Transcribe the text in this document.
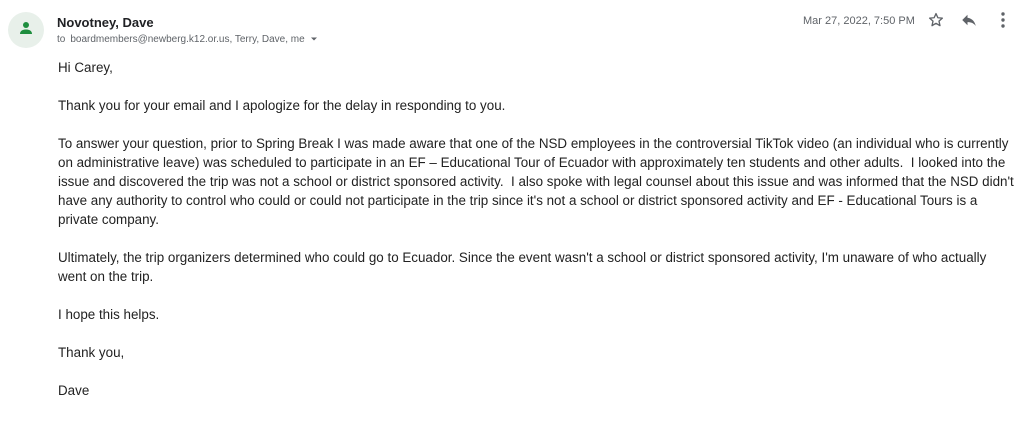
Novotney, Dave
to boardmembers@newberg.k12.or.us, Terry, Dave, me
Mar 27, 2022, 7:50 PM

Hi Carey,

Thank you for your email and I apologize for the delay in responding to you.

To answer your question, prior to Spring Break I was made aware that one of the NSD employees in the controversial TikTok video (an individual who is currently on administrative leave) was scheduled to participate in an EF – Educational Tour of Ecuador with approximately ten students and other adults.  I looked into the issue and discovered the trip was not a school or district sponsored activity.  I also spoke with legal counsel about this issue and was informed that the NSD didn't have any authority to control who could or could not participate in the trip since it's not a school or district sponsored activity and EF - Educational Tours is a private company.

Ultimately, the trip organizers determined who could go to Ecuador. Since the event wasn't a school or district sponsored activity, I'm unaware of who actually went on the trip.

I hope this helps.

Thank you,

Dave
